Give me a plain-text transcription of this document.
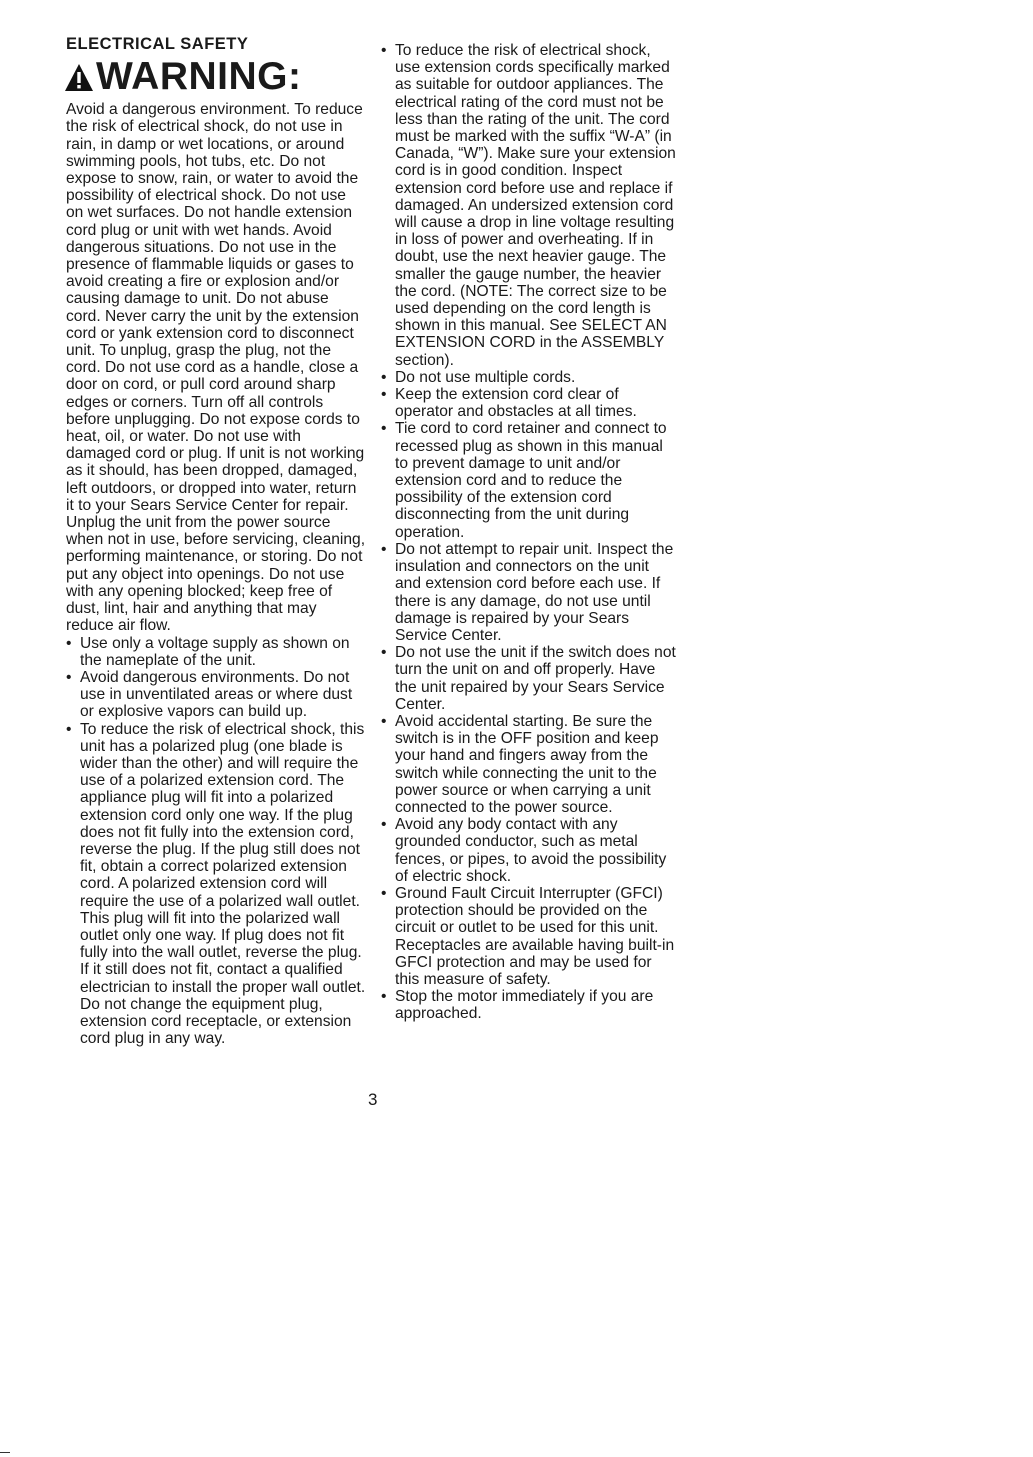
ELECTRICAL SAFETY
WARNING:

Avoid a dangerous environment. To reduce the risk of electrical shock, do not use in rain, in damp or wet locations, or around swimming pools, hot tubs, etc. Do not expose to snow, rain, or water to avoid the possibility of electrical shock. Do not use on wet surfaces. Do not handle extension cord plug or unit with wet hands. Avoid dangerous situations. Do not use in the presence of flammable liquids or gases to avoid creating a fire or explosion and/or causing damage to unit. Do not abuse cord. Never carry the unit by the extension cord or yank extension cord to disconnect unit. To unplug, grasp the plug, not the cord. Do not use cord as a handle, close a door on cord, or pull cord around sharp edges or corners. Turn off all controls before unplugging. Do not expose cords to heat, oil, or water. Do not use with damaged cord or plug. If unit is not working as it should, has been dropped, damaged, left outdoors, or dropped into water, return it to your Sears Service Center for repair. Unplug the unit from the power source when not in use, before servicing, cleaning, performing maintenance, or storing. Do not put any object into openings. Do not use with any opening blocked; keep free of dust, lint, hair and anything that may reduce air flow.

• Use only a voltage supply as shown on the nameplate of the unit.
• Avoid dangerous environments. Do not use in unventilated areas or where dust or explosive vapors can build up.
• To reduce the risk of electrical shock, this unit has a polarized plug (one blade is wider than the other) and will require the use of a polarized extension cord. The appliance plug will fit into a polarized extension cord only one way. If the plug does not fit fully into the extension cord, reverse the plug. If the plug still does not fit, obtain a correct polarized extension cord. A polarized extension cord will require the use of a polarized wall outlet. This plug will fit into the polarized wall outlet only one way. If plug does not fit fully into the wall outlet, reverse the plug. If it still does not fit, contact a qualified electrician to install the proper wall outlet. Do not change the equipment plug, extension cord receptacle, or extension cord plug in any way.
• To reduce the risk of electrical shock, use extension cords specifically marked as suitable for outdoor appliances. The electrical rating of the cord must not be less than the rating of the unit. The cord must be marked with the suffix “W-A” (in Canada, “W”). Make sure your extension cord is in good condition. Inspect extension cord before use and replace if damaged. An undersized extension cord will cause a drop in line voltage resulting in loss of power and overheating. If in doubt, use the next heavier gauge. The smaller the gauge number, the heavier the cord. (NOTE: The correct size to be used depending on the cord length is shown in this manual. See SELECT AN EXTENSION CORD in the ASSEMBLY section).
• Do not use multiple cords.
• Keep the extension cord clear of operator and obstacles at all times.
• Tie cord to cord retainer and connect to recessed plug as shown in this manual to prevent damage to unit and/or extension cord and to reduce the possibility of the extension cord disconnecting from the unit during operation.
• Do not attempt to repair unit. Inspect the insulation and connectors on the unit and extension cord before each use. If there is any damage, do not use until damage is repaired by your Sears Service Center.
• Do not use the unit if the switch does not turn the unit on and off properly. Have the unit repaired by your Sears Service Center.
• Avoid accidental starting. Be sure the switch is in the OFF position and keep your hand and fingers away from the switch while connecting the unit to the power source or when carrying a unit connected to the power source.
• Avoid any body contact with any grounded conductor, such as metal fences, or pipes, to avoid the possibility of electric shock.
• Ground Fault Circuit Interrupter (GFCI) protection should be provided on the circuit or outlet to be used for this unit. Receptacles are available having built-in GFCI protection and may be used for this measure of safety.
• Stop the motor immediately if you are approached.
3
